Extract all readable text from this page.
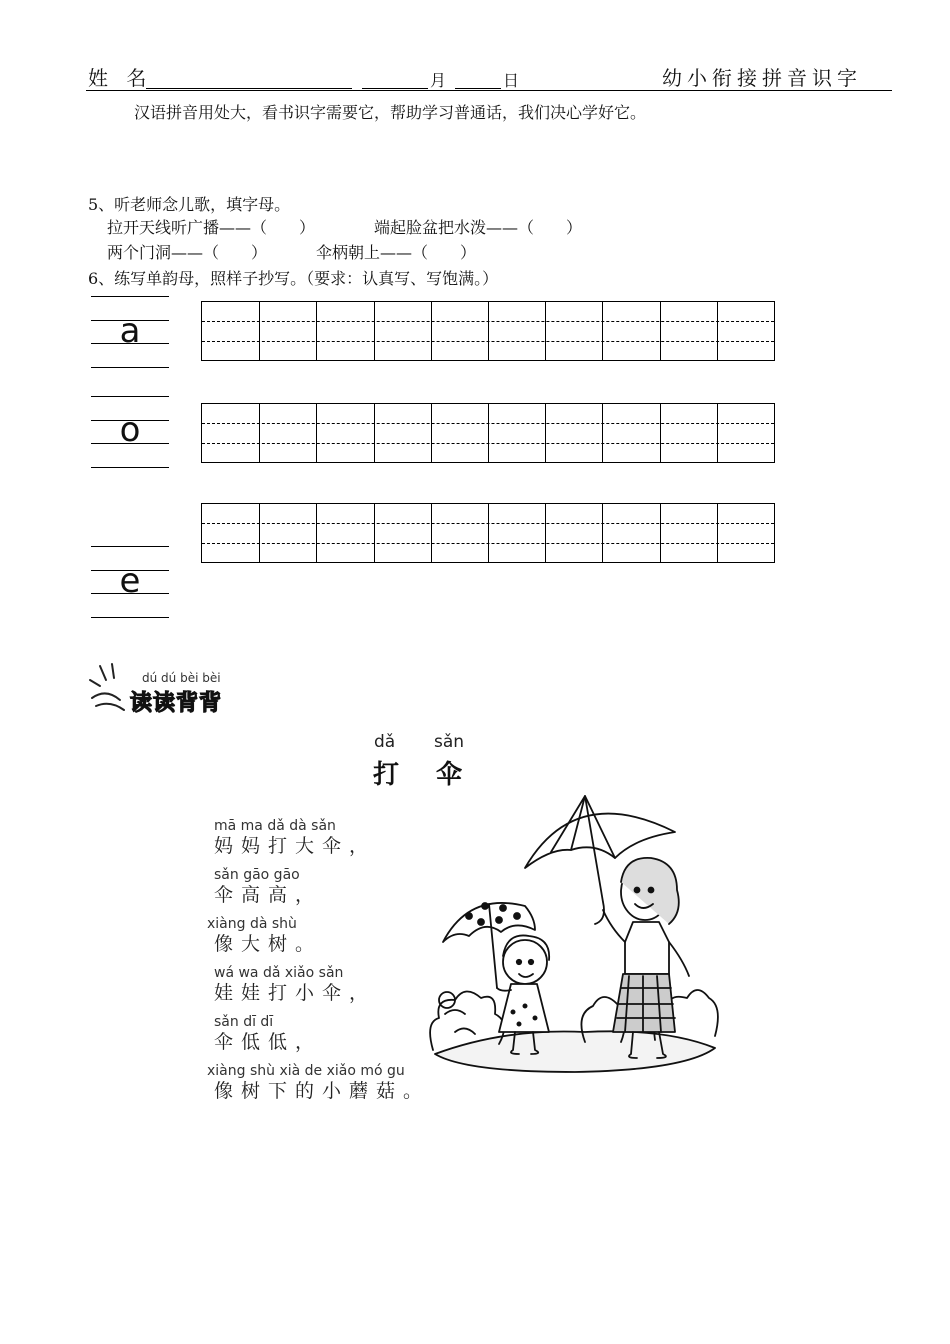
姓 名	月	日	幼小衔接拼音识字
汉语拼音用处大，看书识字需要它，帮助学习普通话，我们决心学好它。
5、听老师念儿歌，填字母。
拉开天线听广播——（　　）	端起脸盆把水泼——（　　）
两个门洞——（　　）	伞柄朝上——（　　）
6、练写单韵母，照样子抄写。（要求：认真写、写饱满。）
a
o
e
dú dú bèi bèi
读读背背
dǎ sǎn
打 伞
mā ma dǎ dà sǎn
妈妈打大伞，
sǎn gāo gāo
伞高高，
xiàng dà shù
像大树。
wá wa dǎ xiǎo sǎn
娃娃打小伞，
sǎn dī dī
伞低低，
xiàng shù xià de xiǎo mó gu
像树下的小蘑菇。
